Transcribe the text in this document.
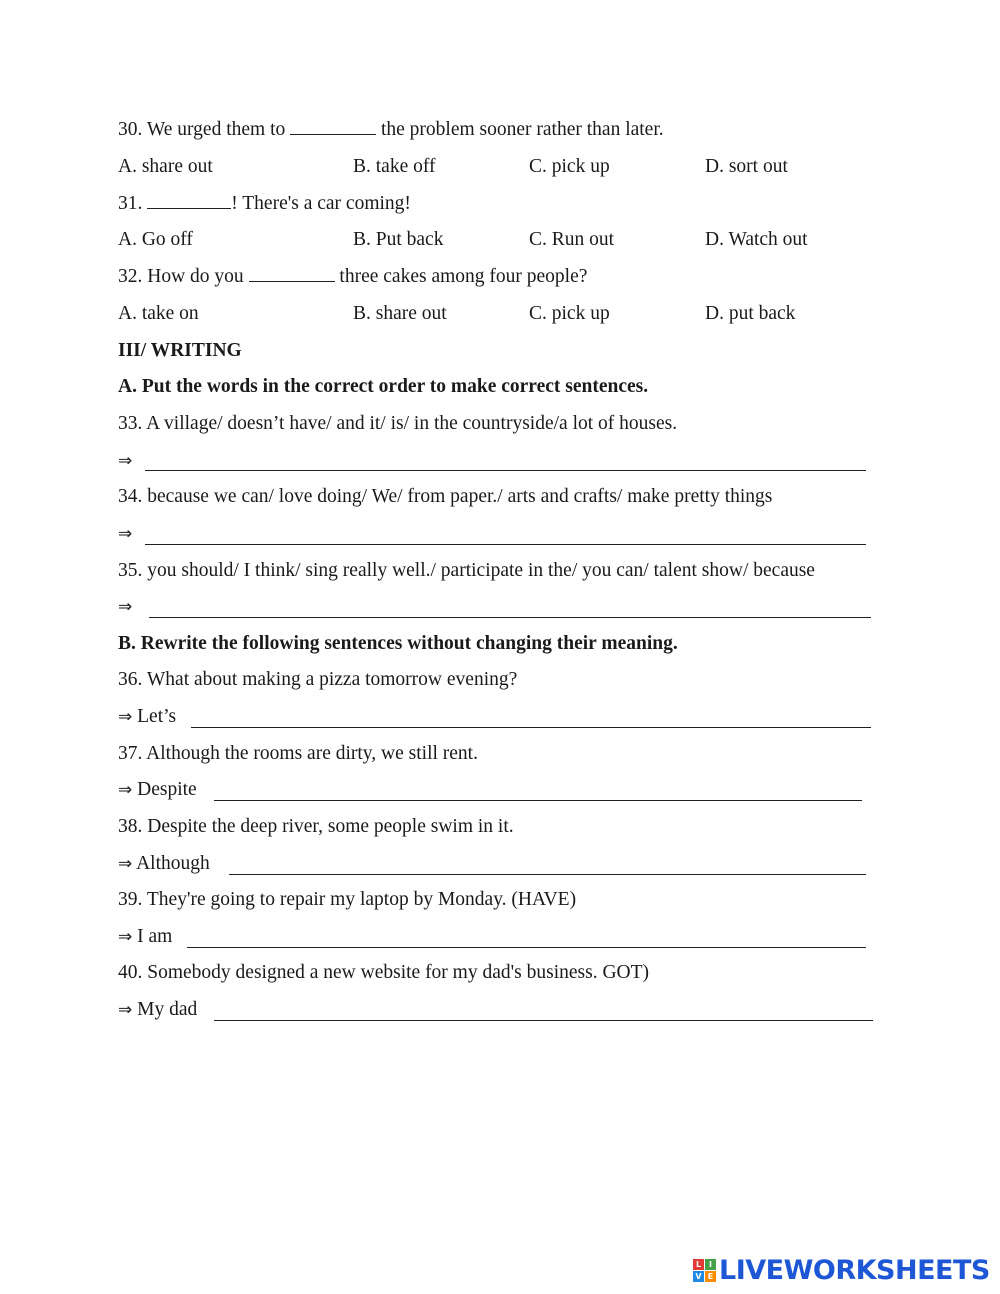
30. We urged them to	the problem sooner rather than later.
A. share out	B. take off	C. pick up	D. sort out
31.	! There's a car coming!
A. Go off	B. Put back	C. Run out	D. Watch out
32. How do you	three cakes among four people?
A. take on	B. share out	C. pick up	D. put back
III/ WRITING
A. Put the words in the correct order to make correct sentences.
33. A village/ doesn’t have/ and it/ is/ in the countryside/a lot of houses.
⇒
34. because we can/ love doing/ We/ from paper./ arts and crafts/ make pretty things
⇒
35. you should/ I think/ sing really well./ participate in the/ you can/ talent show/ because
⇒
B. Rewrite the following sentences without changing their meaning.
36. What about making a pizza tomorrow evening?
⇒ Let’s
37. Although the rooms are dirty, we still rent.
⇒ Despite
38. Despite the deep river, some people swim in it.
⇒ Although
39. They're going to repair my laptop by Monday. (HAVE)
⇒ I am
40. Somebody designed a new website for my dad's business. GOT)
⇒ My dad
L I
V E LIVEWORKSHEETS
